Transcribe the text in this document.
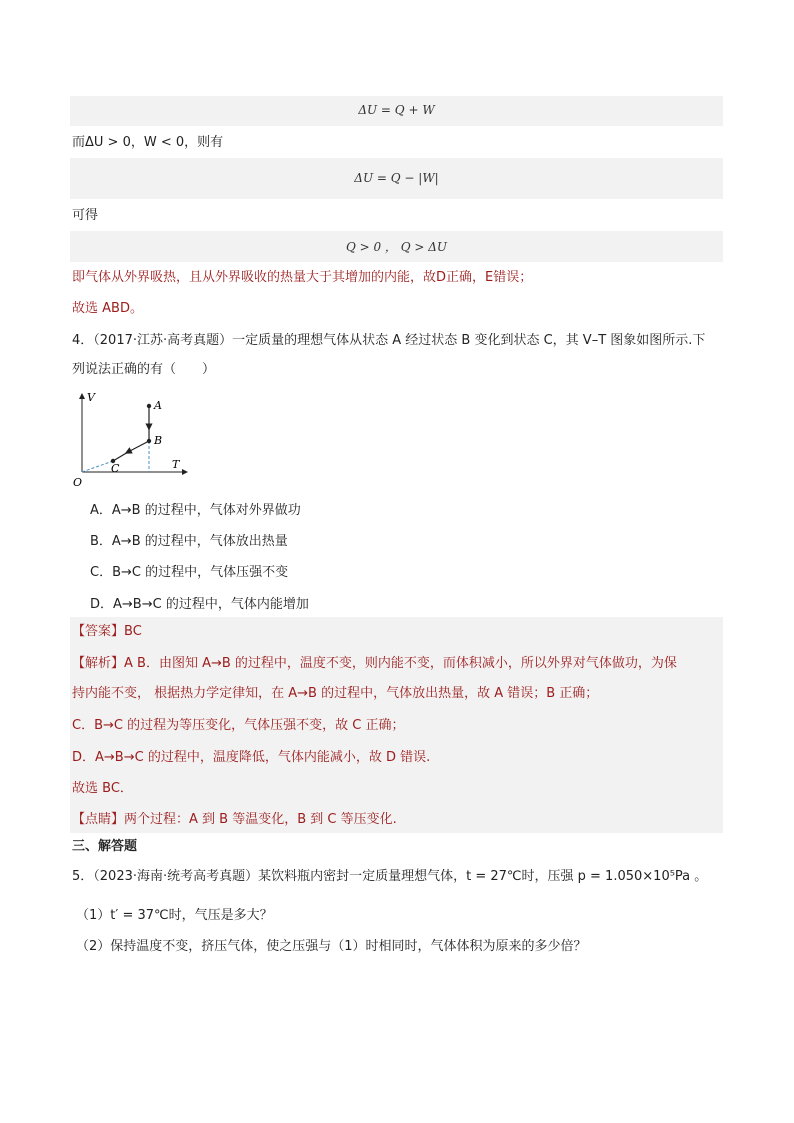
ΔU = Q + W
而ΔU > 0，W < 0，则有
ΔU = Q − |W|
可得
Q > 0 ， Q > ΔU
即气体从外界吸热，且从外界吸收的热量大于其增加的内能，故D正确，E错误；
故选 ABD。
4．（2017·江苏·高考真题）一定质量的理想气体从状态 A 经过状态 B 变化到状态 C，其 V–T 图象如图所示.下
列说法正确的有（　　）
V
T
O
A
B
C
A．A→B 的过程中，气体对外界做功
B．A→B 的过程中，气体放出热量
C．B→C 的过程中，气体压强不变
D．A→B→C 的过程中，气体内能增加
【答案】BC
【解析】A B．由图知 A→B 的过程中，温度不变，则内能不变，而体积减小，所以外界对气体做功，为保
持内能不变， 根据热力学定律知，在 A→B 的过程中，气体放出热量，故 A 错误；B 正确；
C．B→C 的过程为等压变化，气体压强不变，故 C 正确；
D．A→B→C 的过程中，温度降低，气体内能减小，故 D 错误.
故选 BC．
【点睛】两个过程：A 到 B 等温变化，B 到 C 等压变化.
三、解答题
5．（2023·海南·统考高考真题）某饮料瓶内密封一定质量理想气体，t = 27℃时，压强 p = 1.050×10⁵Pa 。
（1）t′ = 37℃时，气压是多大？
（2）保持温度不变，挤压气体，使之压强与（1）时相同时，气体体积为原来的多少倍？
